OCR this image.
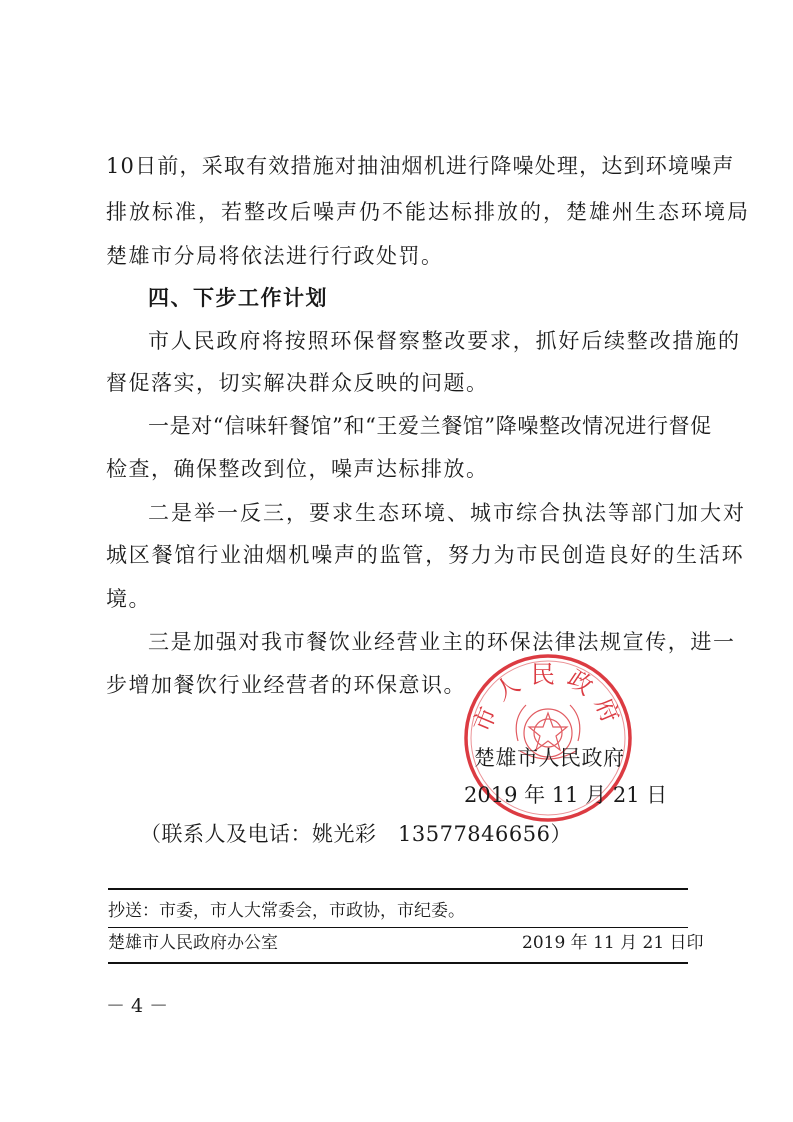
10日前，采取有效措施对抽油烟机进行降噪处理，达到环境噪声
排放标准，若整改后噪声仍不能达标排放的，楚雄州生态环境局
楚雄市分局将依法进行行政处罚。
四、下步工作计划
市人民政府将按照环保督察整改要求，抓好后续整改措施的
督促落实，切实解决群众反映的问题。
一是对“信味轩餐馆”和“王爱兰餐馆”降噪整改情况进行督促
检查，确保整改到位，噪声达标排放。
二是举一反三，要求生态环境、城市综合执法等部门加大对
城区餐馆行业油烟机噪声的监管，努力为市民创造良好的生活环
境。
三是加强对我市餐饮业经营业主的环保法律法规宣传，进一
步增加餐饮行业经营者的环保意识。
市人民政府
楚雄市人民政府
2019 年 11 月 21 日
（联系人及电话：姚光彩　13577846656）
抄送：市委，市人大常委会，市政协，市纪委。
楚雄市人民政府办公室	2019 年 11 月 21 日印
－ 4 －
